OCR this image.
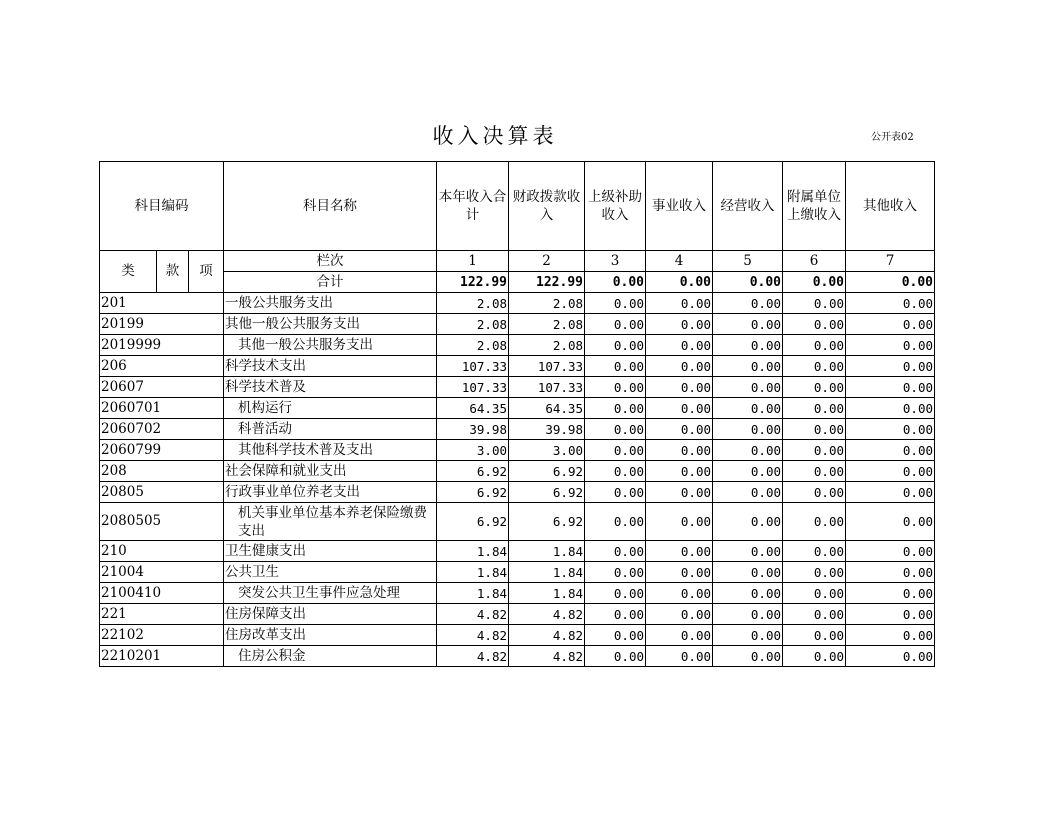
收入决算表	公开表02
科目编码			科目名称	本年收入合计	财政拨款收入	上级补助收入	事业收入	经营收入	附属单位上缴收入	其他收入
类	款	项	栏次	1	2	3	4	5	6	7
			合计	122.99	122.99	0.00	0.00	0.00	0.00	0.00
201			一般公共服务支出	2.08	2.08	0.00	0.00	0.00	0.00	0.00
20199			其他一般公共服务支出	2.08	2.08	0.00	0.00	0.00	0.00	0.00
2019999			其他一般公共服务支出	2.08	2.08	0.00	0.00	0.00	0.00	0.00
206			科学技术支出	107.33	107.33	0.00	0.00	0.00	0.00	0.00
20607			科学技术普及	107.33	107.33	0.00	0.00	0.00	0.00	0.00
2060701			机构运行	64.35	64.35	0.00	0.00	0.00	0.00	0.00
2060702			科普活动	39.98	39.98	0.00	0.00	0.00	0.00	0.00
2060799			其他科学技术普及支出	3.00	3.00	0.00	0.00	0.00	0.00	0.00
208			社会保障和就业支出	6.92	6.92	0.00	0.00	0.00	0.00	0.00
20805			行政事业单位养老支出	6.92	6.92	0.00	0.00	0.00	0.00	0.00
2080505			机关事业单位基本养老保险缴费支出	6.92	6.92	0.00	0.00	0.00	0.00	0.00
210			卫生健康支出	1.84	1.84	0.00	0.00	0.00	0.00	0.00
21004			公共卫生	1.84	1.84	0.00	0.00	0.00	0.00	0.00
2100410			突发公共卫生事件应急处理	1.84	1.84	0.00	0.00	0.00	0.00	0.00
221			住房保障支出	4.82	4.82	0.00	0.00	0.00	0.00	0.00
22102			住房改革支出	4.82	4.82	0.00	0.00	0.00	0.00	0.00
2210201			住房公积金	4.82	4.82	0.00	0.00	0.00	0.00	0.00
